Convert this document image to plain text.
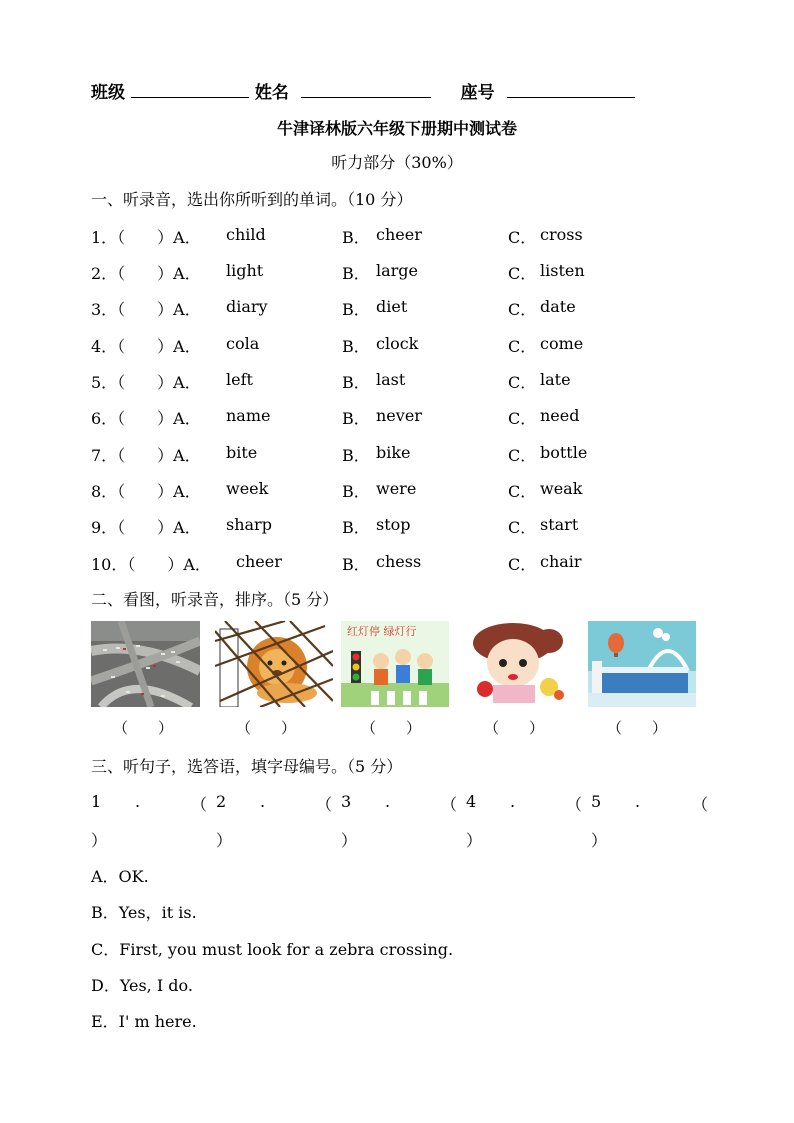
班级	姓名	座号
牛津译林版六年级下册期中测试卷
听力部分（30%）
一、听录音，选出你所听到的单词。（10 分）
1．（　　）A． child	B． cheer	C． cross
2．（　　）A． light	B． large	C． listen
3．（　　）A． diary	B． diet	C． date
4．（　　）A． cola	B． clock	C． come
5．（　　）A． left	B． last	C． late
6．（　　）A． name	B． never	C． need
7．（　　）A． bite	B． bike	C． bottle
8．（　　）A． week	B． were	C． weak
9．（　　）A． sharp	B． stop	C． start
10．（　　）A． cheer	B． chess	C． chair
二、看图，听录音，排序。（5 分）
红灯停 绿灯行
（　　）	（　　）	（　　）	（　　）	（　　）
三、听句子，选答语，填字母编号。（5 分）
1 .	（ 2 .	（ 3 .	（ 4 .	（ 5 .	（
）	）	）	）	）
A．OK.
B．Yes，it is.
C．First, you must look for a zebra crossing.
D．Yes, I do.
E．I' m here.
